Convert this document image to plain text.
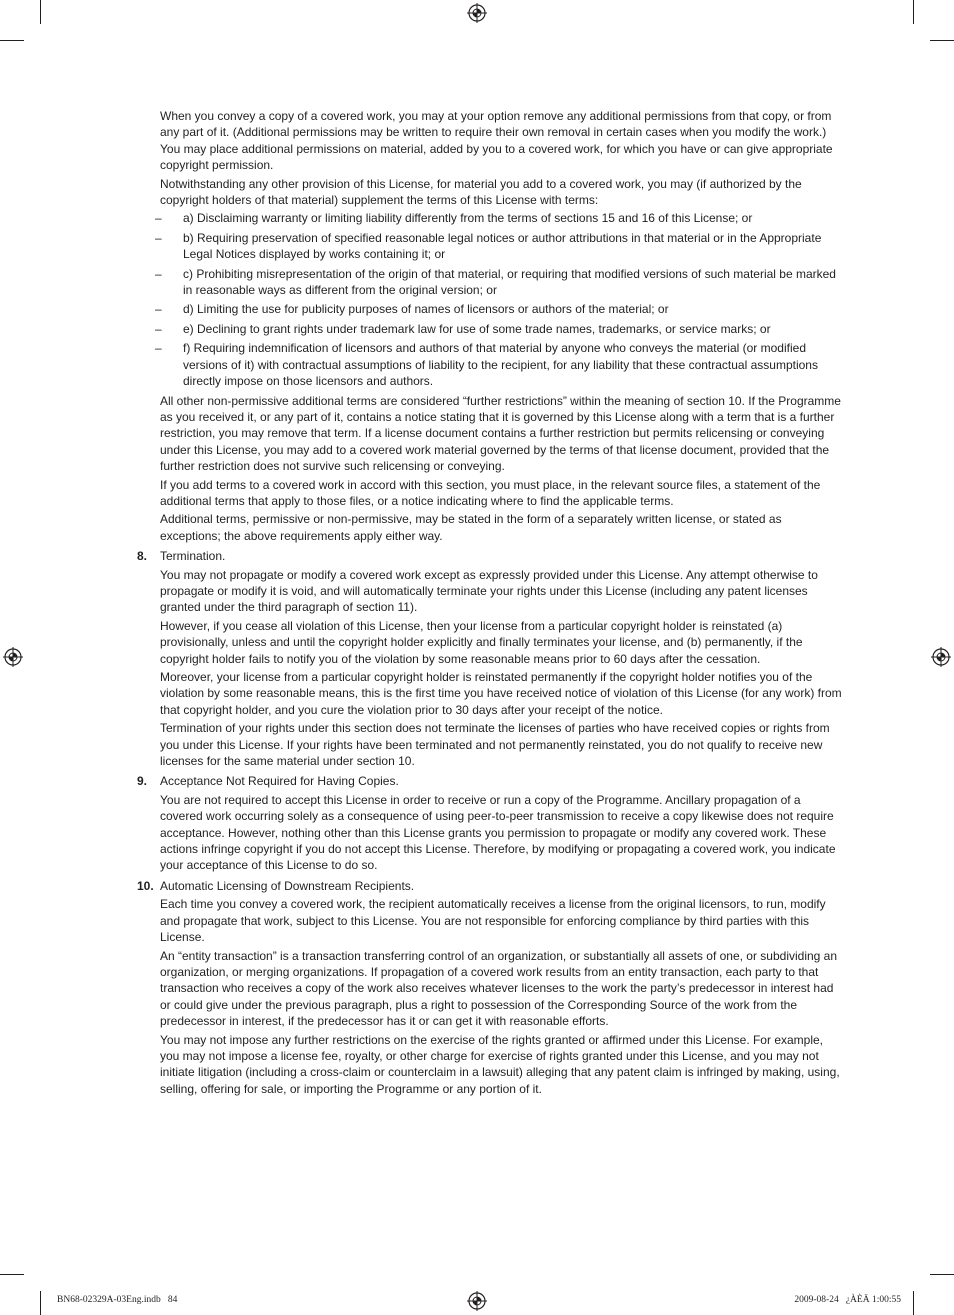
When you convey a copy of a covered work, you may at your option remove any additional permissions from that copy, or from any part of it. (Additional permissions may be written to require their own removal in certain cases when you modify the work.) You may place additional permissions on material, added by you to a covered work, for which you have or can give appropriate copyright permission.

Notwithstanding any other provision of this License, for material you add to a covered work, you may (if authorized by the copyright holders of that material) supplement the terms of this License with terms:

– a) Disclaiming warranty or limiting liability differently from the terms of sections 15 and 16 of this License; or
– b) Requiring preservation of specified reasonable legal notices or author attributions in that material or in the Appropriate Legal Notices displayed by works containing it; or
– c) Prohibiting misrepresentation of the origin of that material, or requiring that modified versions of such material be marked in reasonable ways as different from the original version; or
– d) Limiting the use for publicity purposes of names of licensors or authors of the material; or
– e) Declining to grant rights under trademark law for use of some trade names, trademarks, or service marks; or
– f) Requiring indemnification of licensors and authors of that material by anyone who conveys the material (or modified versions of it) with contractual assumptions of liability to the recipient, for any liability that these contractual assumptions directly impose on those licensors and authors.

All other non-permissive additional terms are considered “further restrictions” within the meaning of section 10. If the Programme as you received it, or any part of it, contains a notice stating that it is governed by this License along with a term that is a further restriction, you may remove that term. If a license document contains a further restriction but permits relicensing or conveying under this License, you may add to a covered work material governed by the terms of that license document, provided that the further restriction does not survive such relicensing or conveying.

If you add terms to a covered work in accord with this section, you must place, in the relevant source files, a statement of the additional terms that apply to those files, or a notice indicating where to find the applicable terms.

Additional terms, permissive or non-permissive, may be stated in the form of a separately written license, or stated as exceptions; the above requirements apply either way.

8. Termination.

You may not propagate or modify a covered work except as expressly provided under this License. Any attempt otherwise to propagate or modify it is void, and will automatically terminate your rights under this License (including any patent licenses granted under the third paragraph of section 11).

However, if you cease all violation of this License, then your license from a particular copyright holder is reinstated (a) provisionally, unless and until the copyright holder explicitly and finally terminates your license, and (b) permanently, if the copyright holder fails to notify you of the violation by some reasonable means prior to 60 days after the cessation.

Moreover, your license from a particular copyright holder is reinstated permanently if the copyright holder notifies you of the violation by some reasonable means, this is the first time you have received notice of violation of this License (for any work) from that copyright holder, and you cure the violation prior to 30 days after your receipt of the notice.

Termination of your rights under this section does not terminate the licenses of parties who have received copies or rights from you under this License. If your rights have been terminated and not permanently reinstated, you do not qualify to receive new licenses for the same material under section 10.

9. Acceptance Not Required for Having Copies.

You are not required to accept this License in order to receive or run a copy of the Programme. Ancillary propagation of a covered work occurring solely as a consequence of using peer-to-peer transmission to receive a copy likewise does not require acceptance. However, nothing other than this License grants you permission to propagate or modify any covered work. These actions infringe copyright if you do not accept this License. Therefore, by modifying or propagating a covered work, you indicate your acceptance of this License to do so.

10. Automatic Licensing of Downstream Recipients.

Each time you convey a covered work, the recipient automatically receives a license from the original licensors, to run, modify and propagate that work, subject to this License. You are not responsible for enforcing compliance by third parties with this License.

An “entity transaction” is a transaction transferring control of an organization, or substantially all assets of one, or subdividing an organization, or merging organizations. If propagation of a covered work results from an entity transaction, each party to that transaction who receives a copy of the work also receives whatever licenses to the work the party’s predecessor in interest had or could give under the previous paragraph, plus a right to possession of the Corresponding Source of the work from the predecessor in interest, if the predecessor has it or can get it with reasonable efforts.

You may not impose any further restrictions on the exercise of the rights granted or affirmed under this License. For example, you may not impose a license fee, royalty, or other charge for exercise of rights granted under this License, and you may not initiate litigation (including a cross-claim or counterclaim in a lawsuit) alleging that any patent claim is infringed by making, using, selling, offering for sale, or importing the Programme or any portion of it.

BN68-02329A-03Eng.indb   84	2009-08-24   ¿ÀÈÄ 1:00:55
